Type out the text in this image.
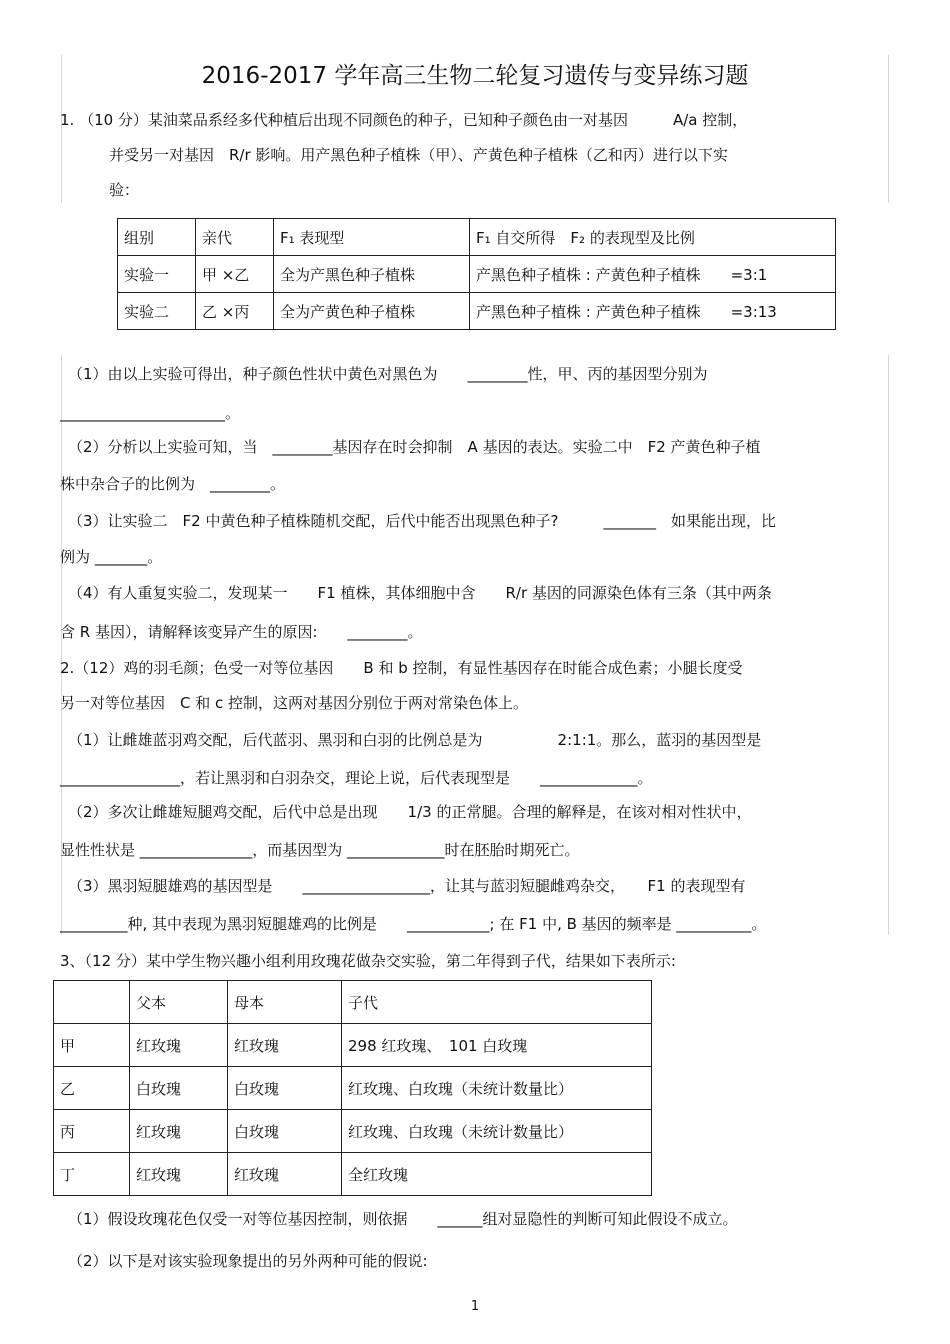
2016-2017 学年高三生物二轮复习遗传与变异练习题
1. （10 分）某油菜品系经多代种植后出现不同颜色的种子，已知种子颜色由一对基因　　　A/a 控制，
并受另一对基因　R/r 影响。用产黑色种子植株（甲）、产黄色种子植株（乙和丙）进行以下实
验：
组别	亲代	F₁ 表现型	F₁ 自交所得　F₂ 的表现型及比例
实验一	甲 ×乙	全为产黑色种子植株	产黑色种子植株 : 产黄色种子植株　　=3:1
实验二	乙 ×丙	全为产黄色种子植株	产黑色种子植株 : 产黄色种子植株　　=3:13
（1）由以上实验可得出，种子颜色性状中黄色对黑色为　　________性，甲、丙的基因型分别为
______________________。
（2）分析以上实验可知，当　________基因存在时会抑制　A 基因的表达。实验二中　F2 产黄色种子植
株中杂合子的比例为　________。
（3）让实验二　F2 中黄色种子植株随机交配，后代中能否出现黑色种子?　　　_______　如果能出现，比
例为 _______。
（4）有人重复实验二，发现某一　　F1 植株，其体细胞中含　　R/r 基因的同源染色体有三条（其中两条
含 R 基因），请解释该变异产生的原因:　　________。
2.（12）鸡的羽毛颜；色受一对等位基因　　B 和 b 控制，有显性基因存在时能合成色素；小腿长度受
另一对等位基因　C 和 c 控制，这两对基因分别位于两对常染色体上。
（1）让雌雄蓝羽鸡交配，后代蓝羽、黑羽和白羽的比例总是为　　　　　2:1:1。那么，蓝羽的基因型是
________________，若让黑羽和白羽杂交，理论上说，后代表现型是　　_____________。
（2）多次让雌雄短腿鸡交配，后代中总是出现　　1/3 的正常腿。合理的解释是，在该对相对性状中，
显性性状是 _______________，而基因型为 _____________时在胚胎时期死亡。
（3）黑羽短腿雄鸡的基因型是　　_________________，让其与蓝羽短腿雌鸡杂交，　　F1 的表现型有
_________种, 其中表现为黑羽短腿雄鸡的比例是　　___________; 在 F1 中, B 基因的频率是 __________。
3、（12 分）某中学生物兴趣小组利用玫瑰花做杂交实验，第二年得到子代，结果如下表所示:
	父本	母本	子代
甲	红玫瑰	红玫瑰	298 红玫瑰、　101 白玫瑰
乙	白玫瑰	白玫瑰	红玫瑰、白玫瑰（未统计数量比）
丙	红玫瑰	白玫瑰	红玫瑰、白玫瑰（未统计数量比）
丁	红玫瑰	红玫瑰	全红玫瑰
（1）假设玫瑰花色仅受一对等位基因控制，则依据　　______组对显隐性的判断可知此假设不成立。
（2）以下是对该实验现象提出的另外两种可能的假说:
1
